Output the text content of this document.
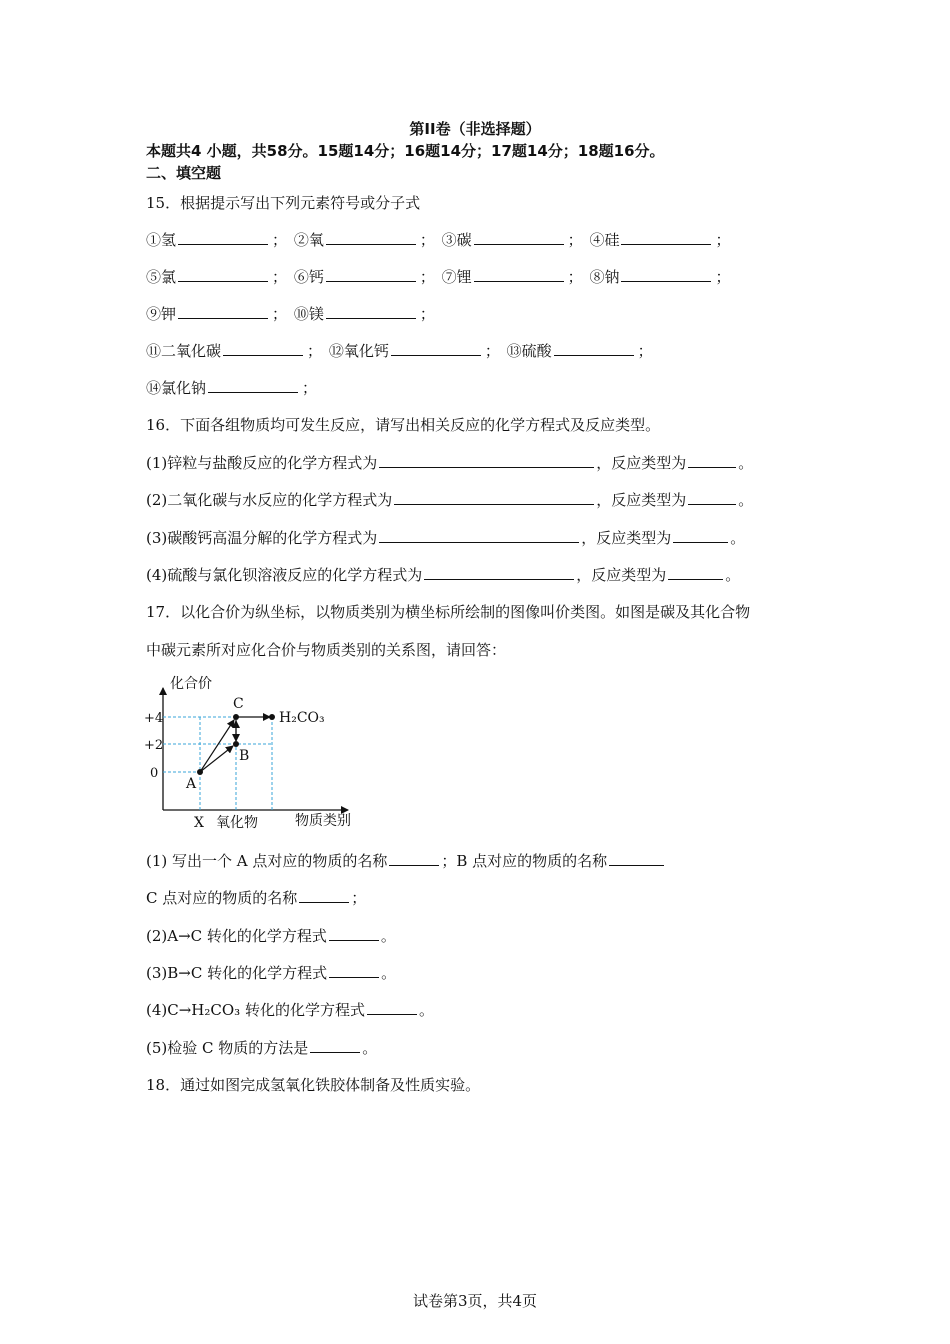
第II卷（非选择题）
本题共4 小题，共58分。15题14分；16题14分；17题14分；18题16分。
二、填空题
15．根据提示写出下列元素符号或分子式
①氢	； ②氧	； ③碳	； ④硅	；
⑤氯	； ⑥钙	； ⑦锂	； ⑧钠	；
⑨钾	； ⑩镁	；
⑪二氧化碳	； ⑫氧化钙	； ⑬硫酸	；
⑭氯化钠	；
16．下面各组物质均可发生反应，请写出相关反应的化学方程式及反应类型。
(1)锌粒与盐酸反应的化学方程式为	，反应类型为	。
(2)二氧化碳与水反应的化学方程式为	，反应类型为	。
(3)碳酸钙高温分解的化学方程式为	，反应类型为	。
(4)硫酸与氯化钡溶液反应的化学方程式为	，反应类型为	。
17．以化合价为纵坐标，以物质类别为横坐标所绘制的图像叫价类图。如图是碳及其化合物
中碳元素所对应化合价与物质类别的关系图，请回答：
化合价
+4
+2
0
X 氧化物	物质类别
A
B
C
H₂CO₃
(1) 写出一个 A 点对应的物质的名称	；B 点对应的物质的名称
C 点对应的物质的名称	；
(2)A→C 转化的化学方程式	。
(3)B→C 转化的化学方程式	。
(4)C→H₂CO₃ 转化的化学方程式	。
(5)检验 C 物质的方法是	。
18．通过如图完成氢氧化铁胶体制备及性质实验。
试卷第3页，共4页
